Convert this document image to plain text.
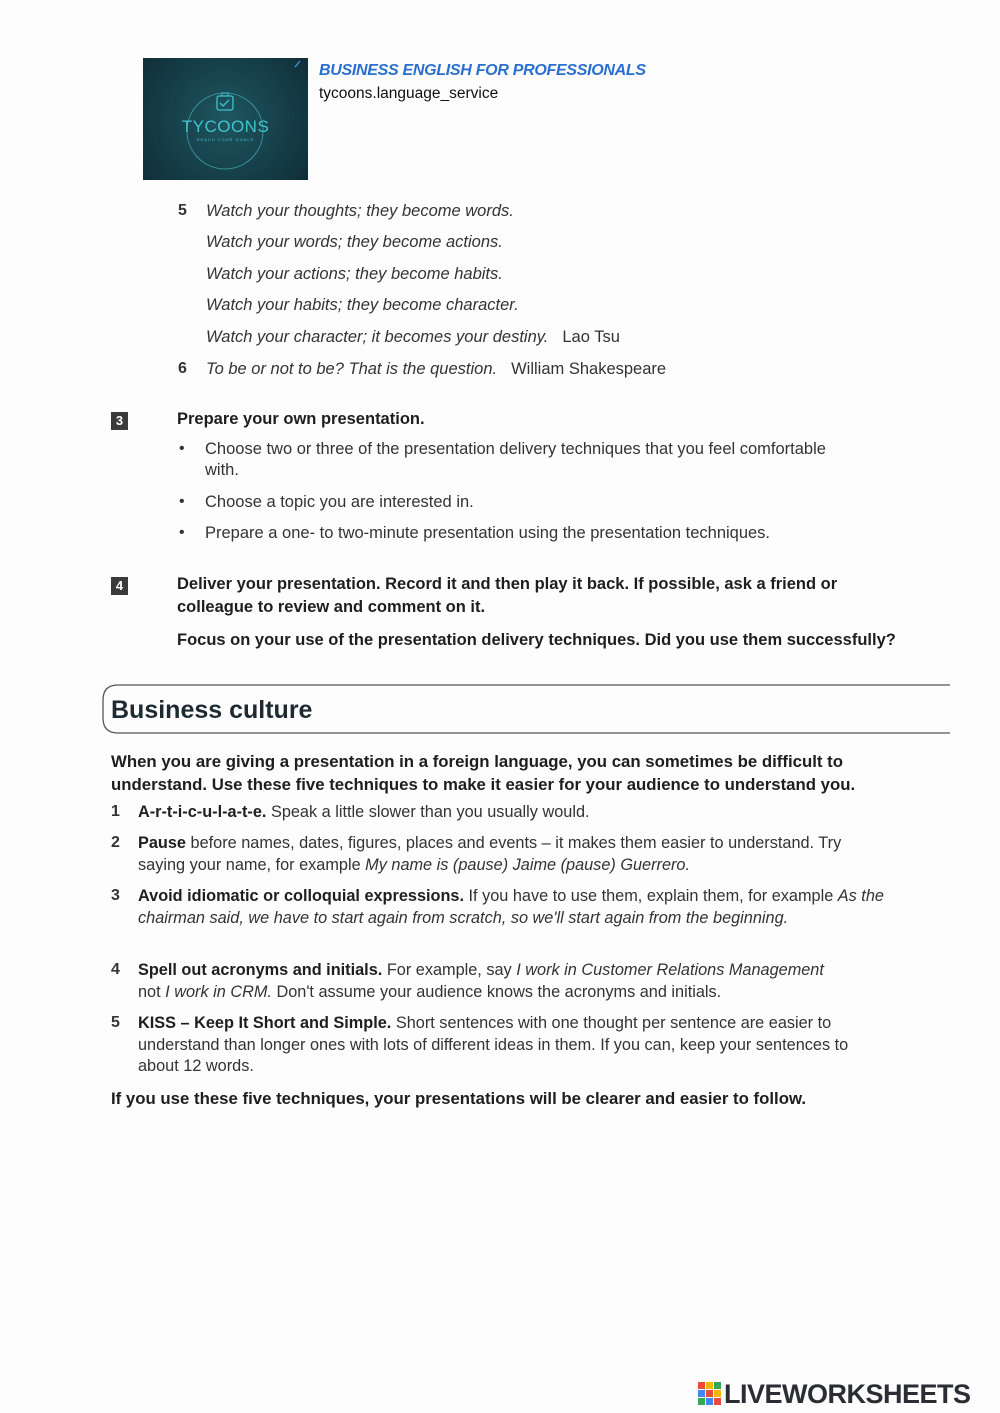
TYCOONS
REACH YOUR GOALS
BUSINESS ENGLISH FOR PROFESSIONALS
tycoons.language_service
5 Watch your thoughts; they become words.
Watch your words; they become actions.
Watch your actions; they become habits.
Watch your habits; they become character.
Watch your character; it becomes your destiny. Lao Tsu
6 To be or not to be? That is the question. William Shakespeare
3	Prepare your own presentation.
• Choose two or three of the presentation delivery techniques that you feel comfortable with.
• Choose a topic you are interested in.
• Prepare a one- to two-minute presentation using the presentation techniques.
4	Deliver your presentation. Record it and then play it back. If possible, ask a friend or colleague to review and comment on it.
Focus on your use of the presentation delivery techniques. Did you use them successfully?
Business culture
When you are giving a presentation in a foreign language, you can sometimes be difficult to understand. Use these five techniques to make it easier for your audience to understand you.
1 A-r-t-i-c-u-l-a-t-e. Speak a little slower than you usually would.
2 Pause before names, dates, figures, places and events – it makes them easier to understand. Try saying your name, for example My name is (pause) Jaime (pause) Guerrero.
3 Avoid idiomatic or colloquial expressions. If you have to use them, explain them, for example As the chairman said, we have to start again from scratch, so we'll start again from the beginning.
4 Spell out acronyms and initials. For example, say I work in Customer Relations Management
not I work in CRM. Don't assume your audience knows the acronyms and initials.
5 KISS – Keep It Short and Simple. Short sentences with one thought per sentence are easier to understand than longer ones with lots of different ideas in them. If you can, keep your sentences to about 12 words.
If you use these five techniques, your presentations will be clearer and easier to follow.
LIVEWORKSHEETS
